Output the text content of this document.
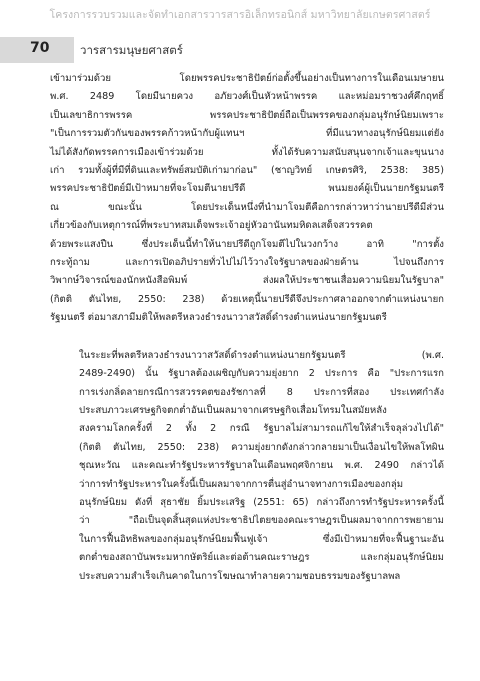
โครงการรวบรวมและจัดทำเอกสารวารสารอิเล็กทรอนิกส์ มหาวิทยาลัยเกษตรศาสตร์
70	วารสารมนุษยศาสตร์

เข้ามาร่วมด้วย โดยพรรคประชาธิปัตย์ก่อตั้งขึ้นอย่างเป็นทางการในเดือนเมษายน
พ.ศ. 2489 โดยมีนายควง อภัยวงศ์เป็นหัวหน้าพรรค และหม่อมราชวงศ์คึกฤทธิ์
เป็นเลขาธิการพรรค พรรคประชาธิปัตย์ถือเป็นพรรคของกลุ่มอนุรักษ์นิยมเพราะ
"เป็นการรวมตัวกันของพรรคก้าวหน้ากับผู้แทนฯ ที่มีแนวทางอนุรักษ์นิยมแต่ยัง
ไม่ได้สังกัดพรรคการเมืองเข้าร่วมด้วย ทั้งได้รับความสนับสนุนจากเจ้าและขุนนาง
เก่า รวมทั้งผู้ที่มีที่ดินและทรัพย์สมบัติเก่ามาก่อน" (ชาญวิทย์ เกษตรศิริ, 2538: 385)
พรรคประชาธิปัตย์มีเป้าหมายที่จะโจมตีนายปรีดี พนมยงค์ผู้เป็นนายกรัฐมนตรี
ณ ขณะนั้น โดยประเด็นหนึ่งที่นำมาโจมตีคือการกล่าวหาว่านายปรีดีมีส่วน
เกี่ยวข้องกับเหตุการณ์ที่พระบาทสมเด็จพระเจ้าอยู่หัวอานันทมหิดลเสด็จสวรรคต
ด้วยพระแสงปืน ซึ่งประเด็นนี้ทำให้นายปรีดีถูกโจมตีไปในวงกว้าง อาทิ "การตั้ง
กระทู้ถาม และการเปิดอภิปรายทั่วไปไม่ไว้วางใจรัฐบาลของฝ่ายค้าน ไปจนถึงการ
วิพากษ์วิจารณ์ของนักหนังสือพิมพ์ ส่งผลให้ประชาชนเสื่อมความนิยมในรัฐบาล"
(กิตติ ตันไทย, 2550: 238) ด้วยเหตุนี้นายปรีดีจึงประกาศลาออกจากตำแหน่งนายก
รัฐมนตรี ต่อมาสภามีมติให้พลตรีหลวงธำรงนาวาสวัสดิ์ดำรงตำแหน่งนายกรัฐมนตรี

ในระยะที่พลตรีหลวงธำรงนาวาสวัสดิ์ดำรงตำแหน่งนายกรัฐมนตรี (พ.ศ.
2489-2490) นั้น รัฐบาลต้องเผชิญกับความยุ่งยาก 2 ประการ คือ "ประการแรก
การเร่งกลิ่ดลายกรณีการสวรรคตของรัชกาลที่ 8 ประการที่สอง ประเทศกำลัง
ประสบภาวะเศรษฐกิจตกต่ำอันเป็นผลมาจากเศรษฐกิจเสื่อมโทรมในสมัยหลัง
สงครามโลกครั้งที่ 2 ทั้ง 2 กรณี รัฐบาลไม่สามารถแก้ไขให้สำเร็จลุล่วงไปได้"
(กิตติ ตันไทย, 2550: 238) ความยุ่งยากดังกล่าวกลายมาเป็นเงื่อนไขให้พลโทผิน
ชุณหะวัณ และคณะทำรัฐประหารรัฐบาลในเดือนพฤศจิกายน พ.ศ. 2490 กล่าวได้
ว่าการทำรัฐประหารในครั้งนี้เป็นผลมาจากการตื่นสู่อำนาจทางการเมืองของกลุ่ม
อนุรักษ์นิยม ดังที่ สุธาชัย ยิ้มประเสริฐ (2551: 65) กล่าวถึงการทำรัฐประหารครั้งนี้
ว่า "ถือเป็นจุดสิ้นสุดแห่งประชาธิปไตยของคณะราษฎรเป็นผลมาจากการพยายาม
ในการฟื้นอิทธิพลของกลุ่มอนุรักษ์นิยมฟื้นฟูเจ้า ซึ่งมีเป้าหมายที่จะฟื้นฐานะอัน
ตกต่ำของสถาบันพระมหากษัตริย์และต่อต้านคณะราษฎร และกลุ่มอนุรักษ์นิยม
ประสบความสำเร็จเกินคาดในการโฆษณาทำลายความชอบธรรมของรัฐบาลพล
